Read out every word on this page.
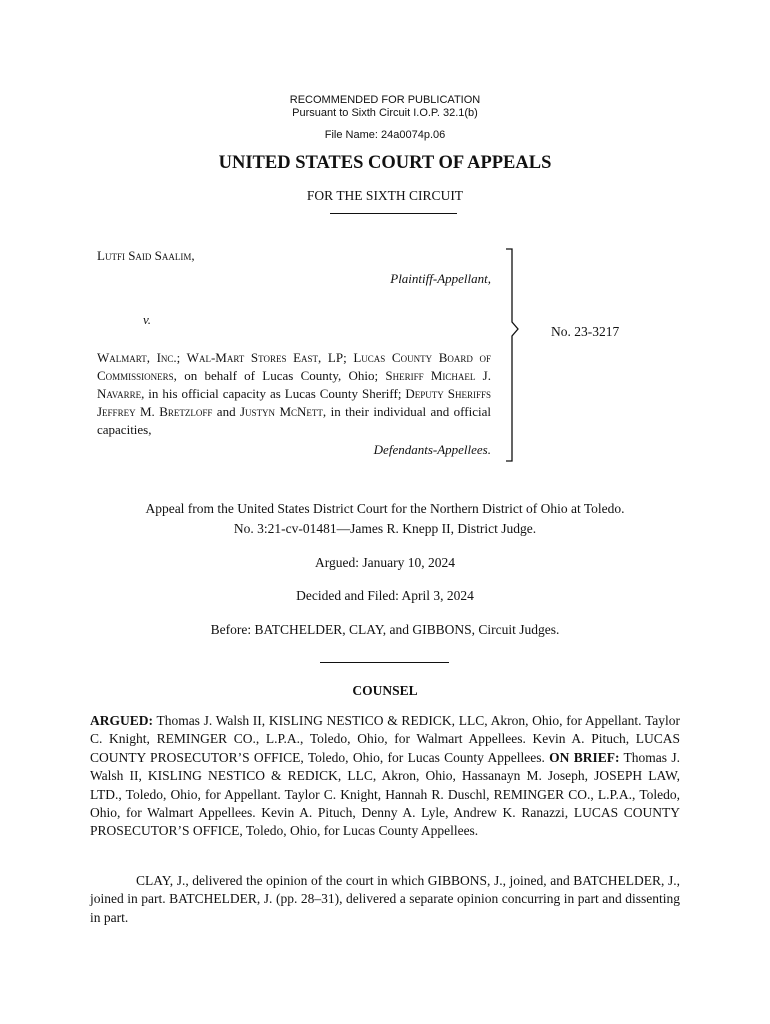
RECOMMENDED FOR PUBLICATION
Pursuant to Sixth Circuit I.O.P. 32.1(b)
File Name: 24a0074p.06
UNITED STATES COURT OF APPEALS
FOR THE SIXTH CIRCUIT
Lutfi Said Saalim,
Plaintiff-Appellant,
v.
Walmart, Inc.; Wal-Mart Stores East, LP; Lucas County Board of Commissioners, on behalf of Lucas County, Ohio; Sheriff Michael J. Navarre, in his official capacity as Lucas County Sheriff; Deputy Sheriffs Jeffrey M. Bretzloff and Justyn McNett, in their individual and official capacities,
Defendants-Appellees.
No. 23-3217
Appeal from the United States District Court for the Northern District of Ohio at Toledo.
No. 3:21-cv-01481—James R. Knepp II, District Judge.
Argued: January 10, 2024
Decided and Filed: April 3, 2024
Before: BATCHELDER, CLAY, and GIBBONS, Circuit Judges.
COUNSEL
ARGUED: Thomas J. Walsh II, KISLING NESTICO & REDICK, LLC, Akron, Ohio, for Appellant. Taylor C. Knight, REMINGER CO., L.P.A., Toledo, Ohio, for Walmart Appellees. Kevin A. Pituch, LUCAS COUNTY PROSECUTOR’S OFFICE, Toledo, Ohio, for Lucas County Appellees. ON BRIEF: Thomas J. Walsh II, KISLING NESTICO & REDICK, LLC, Akron, Ohio, Hassanayn M. Joseph, JOSEPH LAW, LTD., Toledo, Ohio, for Appellant. Taylor C. Knight, Hannah R. Duschl, REMINGER CO., L.P.A., Toledo, Ohio, for Walmart Appellees. Kevin A. Pituch, Denny A. Lyle, Andrew K. Ranazzi, LUCAS COUNTY PROSECUTOR’S OFFICE, Toledo, Ohio, for Lucas County Appellees.
CLAY, J., delivered the opinion of the court in which GIBBONS, J., joined, and BATCHELDER, J., joined in part. BATCHELDER, J. (pp. 28–31), delivered a separate opinion concurring in part and dissenting in part.
